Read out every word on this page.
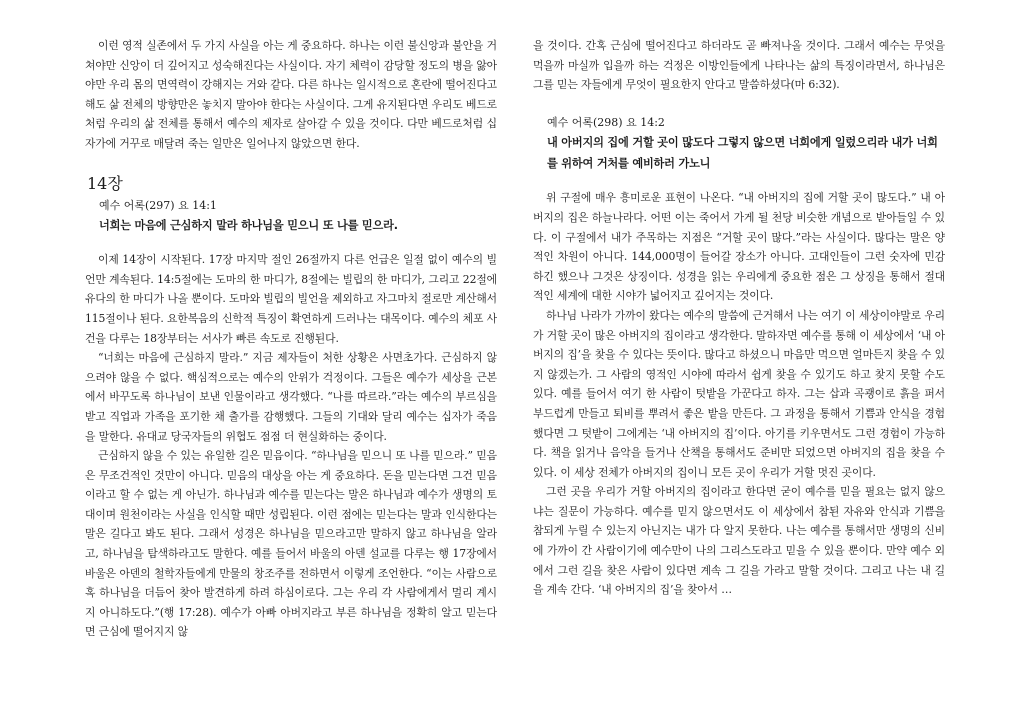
이런 영적 실존에서 두 가지 사실을 아는 게 중요하다. 하나는 이런 불신앙과 불안을 거쳐야만 신앙이 더 깊어지고 성숙해진다는 사실이다. 자기 체력이 감당할 정도의 병을 앓아야만 우리 몸의 면역력이 강해지는 거와 같다. 다른 하나는 일시적으로 혼란에 떨어진다고 해도 삶 전체의 방향만은 놓치지 말아야 한다는 사실이다. 그게 유지된다면 우리도 베드로처럼 우리의 삶 전체를 통해서 예수의 제자로 살아갈 수 있을 것이다. 다만 베드로처럼 십자가에 거꾸로 매달려 죽는 일만은 일어나지 않았으면 한다.

14장

예수 어록(297) 요 14:1

너희는 마음에 근심하지 말라 하나님을 믿으니 또 나를 믿으라.

이제 14장이 시작된다. 17장 마지막 절인 26절까지 다른 언급은 일절 없이 예수의 빌언만 계속된다. 14:5절에는 도마의 한 마디가, 8절에는 빌립의 한 마디가, 그리고 22절에 유다의 한 마디가 나올 뿐이다. 도마와 빌립의 빌언을 제외하고 자그마치 절로만 계산해서 115절이나 된다. 요한복음의 신학적 특징이 확연하게 드러나는 대목이다. 예수의 체포 사건을 다루는 18장부터는 서사가 빠른 속도로 진행된다.

“너희는 마음에 근심하지 말라.” 지금 제자들이 처한 상황은 사면초가다. 근심하지 않으려야 않을 수 없다. 핵심적으로는 예수의 안위가 걱정이다. 그들은 예수가 세상을 근본에서 바꾸도록 하나님이 보낸 인물이라고 생각했다. “나를 따르라.”라는 예수의 부르심을 받고 직업과 가족을 포기한 채 출가를 감행했다. 그들의 기대와 달리 예수는 십자가 죽음을 말한다. 유대교 당국자들의 위협도 점점 더 현실화하는 중이다.

근심하지 않을 수 있는 유일한 길은 믿음이다. “하나님을 믿으니 또 나를 믿으라.” 믿음은 무조건적인 것만이 아니다. 믿음의 대상을 아는 게 중요하다. 돈을 믿는다면 그건 믿음이라고 할 수 없는 게 아닌가. 하나님과 예수를 믿는다는 말은 하나님과 예수가 생명의 토대이며 원천이라는 사실을 인식할 때만 성립된다. 이런 점에는 믿는다는 말과 인식한다는 말은 길다고 봐도 된다. 그래서 성경은 하나님을 믿으라고만 말하지 않고 하나님을 알라고, 하나님을 탐색하라고도 말한다. 예를 들어서 바울의 아덴 설교를 다루는 행 17장에서 바울은 아덴의 철학자들에게 만물의 창조주를 전하면서 이렇게 조언한다. “이는 사람으로 혹 하나님을 더듬어 찾아 발견하게 하려 하심이로다. 그는 우리 각 사람에게서 멀리 계시지 아니하도다.”(행 17:28). 예수가 아빠 아버지라고 부른 하나님을 정확히 알고 믿는다면 근심에 떨어지지 않

을 것이다. 간혹 근심에 떨어진다고 하더라도 곧 빠져나올 것이다. 그래서 예수는 무엇을 먹을까 마실까 입을까 하는 걱정은 이방인들에게 나타나는 삶의 특징이라면서, 하나님은 그를 믿는 자들에게 무엇이 필요한지 안다고 말씀하셨다(마 6:32).

예수 어록(298) 요 14:2

내 아버지의 집에 거할 곳이 많도다 그렇지 않으면 너희에게 일렀으리라 내가 너희를 위하여 거처를 예비하러 가노니

위 구절에 매우 흥미로운 표현이 나온다. “내 아버지의 집에 거할 곳이 많도다.” 내 아버지의 집은 하늘나라다. 어떤 이는 죽어서 가게 될 천당 비슷한 개념으로 받아들일 수 있다. 이 구절에서 내가 주목하는 지점은 “거할 곳이 많다.”라는 사실이다. 많다는 말은 양적인 차원이 아니다. 144,000명이 들어갈 장소가 아니다. 고대인들이 그런 숫자에 민감하긴 했으나 그것은 상징이다. 성경을 읽는 우리에게 중요한 점은 그 상징을 통해서 절대적인 세계에 대한 시야가 넓어지고 깊어지는 것이다.

하나님 나라가 가까이 왔다는 예수의 말씀에 근거해서 나는 여기 이 세상이야말로 우리가 거할 곳이 많은 아버지의 집이라고 생각한다. 말하자면 예수를 통해 이 세상에서 ‘내 아버지의 집’을 찾을 수 있다는 뜻이다. 많다고 하셨으니 마음만 먹으면 얼마든지 찾을 수 있지 않겠는가. 그 사람의 영적인 시야에 따라서 쉽게 찾을 수 있기도 하고 찾지 못할 수도 있다. 예를 들어서 여기 한 사람이 텃밭을 가꾼다고 하자. 그는 삽과 곡괭이로 흙을 퍼서 부드럽게 만들고 퇴비를 뿌려서 좋은 밭을 만든다. 그 과정을 통해서 기쁨과 안식을 경험했다면 그 텃밭이 그에게는 ‘내 아버지의 집’이다. 아기를 키우면서도 그런 경험이 가능하다. 책을 읽거나 음악을 들거나 산책을 통해서도 준비만 되었으면 아버지의 집을 찾을 수 있다. 이 세상 전체가 아버지의 집이니 모든 곳이 우리가 거할 멋진 곳이다.

그런 곳을 우리가 거할 아버지의 집이라고 한다면 굳이 예수를 믿을 필요는 없지 않으냐는 질문이 가능하다. 예수를 믿지 않으면서도 이 세상에서 참된 자유와 안식과 기쁨을 참되게 누릴 수 있는지 아닌지는 내가 다 알지 못한다. 나는 예수를 통해서만 생명의 신비에 가까이 간 사람이기에 예수만이 나의 그리스도라고 믿을 수 있을 뿐이다. 만약 예수 외에서 그런 길을 찾은 사람이 있다면 계속 그 길을 가라고 말할 것이다. 그리고 나는 내 길을 계속 간다. ‘내 아버지의 집’을 찾아서 …
